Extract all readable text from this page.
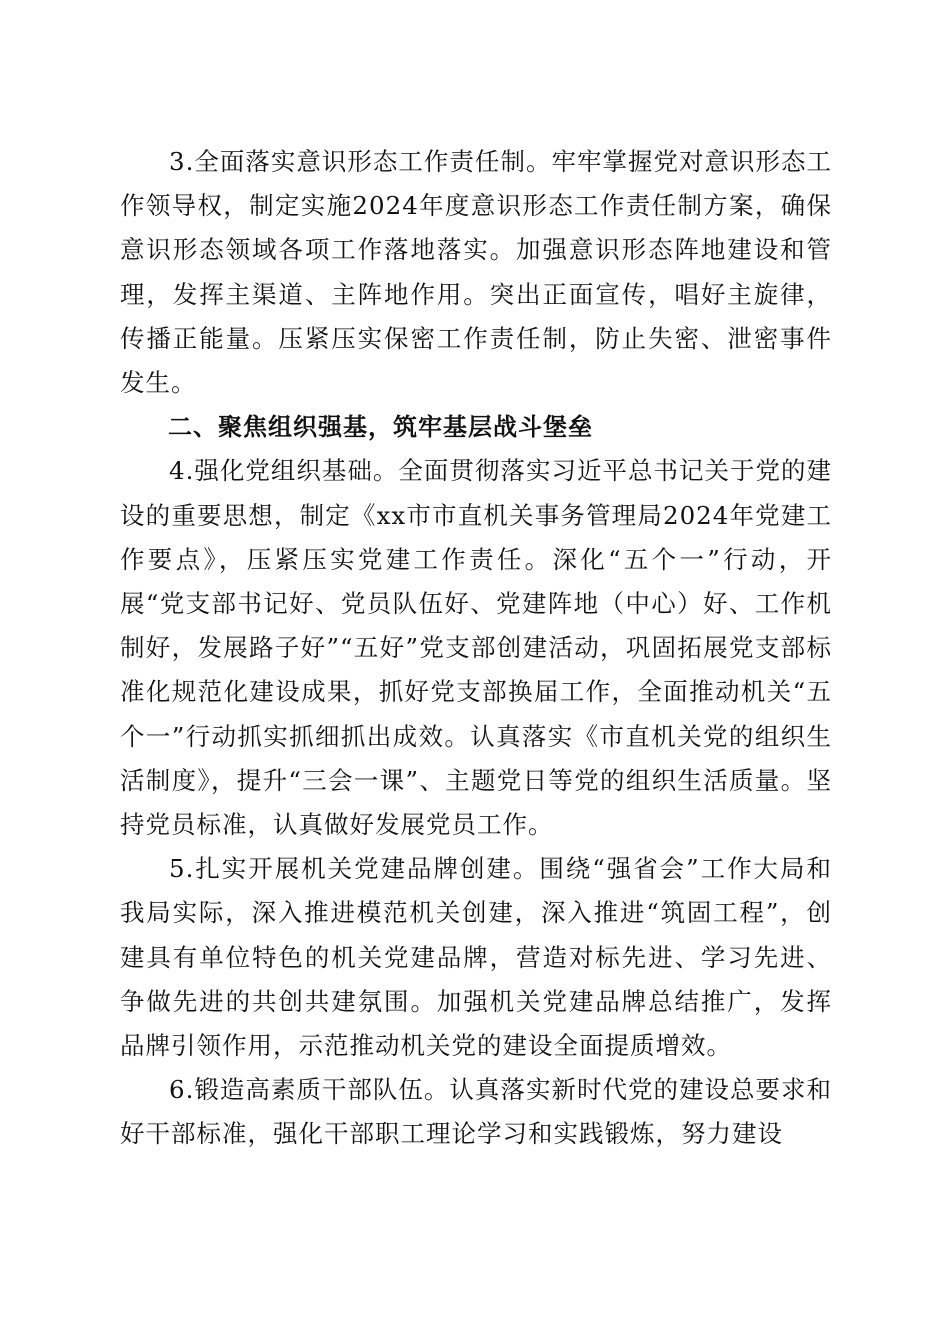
3.全面落实意识形态工作责任制。牢牢掌握党对意识形态工作领导权，制定实施2024年度意识形态工作责任制方案，确保意识形态领域各项工作落地落实。加强意识形态阵地建设和管理，发挥主渠道、主阵地作用。突出正面宣传，唱好主旋律，传播正能量。压紧压实保密工作责任制，防止失密、泄密事件发生。

二、聚焦组织强基，筑牢基层战斗堡垒

4.强化党组织基础。全面贯彻落实习近平总书记关于党的建设的重要思想，制定《xx市市直机关事务管理局2024年党建工作要点》，压紧压实党建工作责任。深化“五个一”行动，开展“党支部书记好、党员队伍好、党建阵地（中心）好、工作机制好，发展路子好”“五好”党支部创建活动，巩固拓展党支部标准化规范化建设成果，抓好党支部换届工作，全面推动机关“五个一”行动抓实抓细抓出成效。认真落实《市直机关党的组织生活制度》，提升“三会一课”、主题党日等党的组织生活质量。坚持党员标准，认真做好发展党员工作。

5.扎实开展机关党建品牌创建。围绕“强省会”工作大局和我局实际，深入推进模范机关创建，深入推进“筑固工程”，创建具有单位特色的机关党建品牌，营造对标先进、学习先进、争做先进的共创共建氛围。加强机关党建品牌总结推广，发挥品牌引领作用，示范推动机关党的建设全面提质增效。

6.锻造高素质干部队伍。认真落实新时代党的建设总要求和好干部标准，强化干部职工理论学习和实践锻炼，努力建设
